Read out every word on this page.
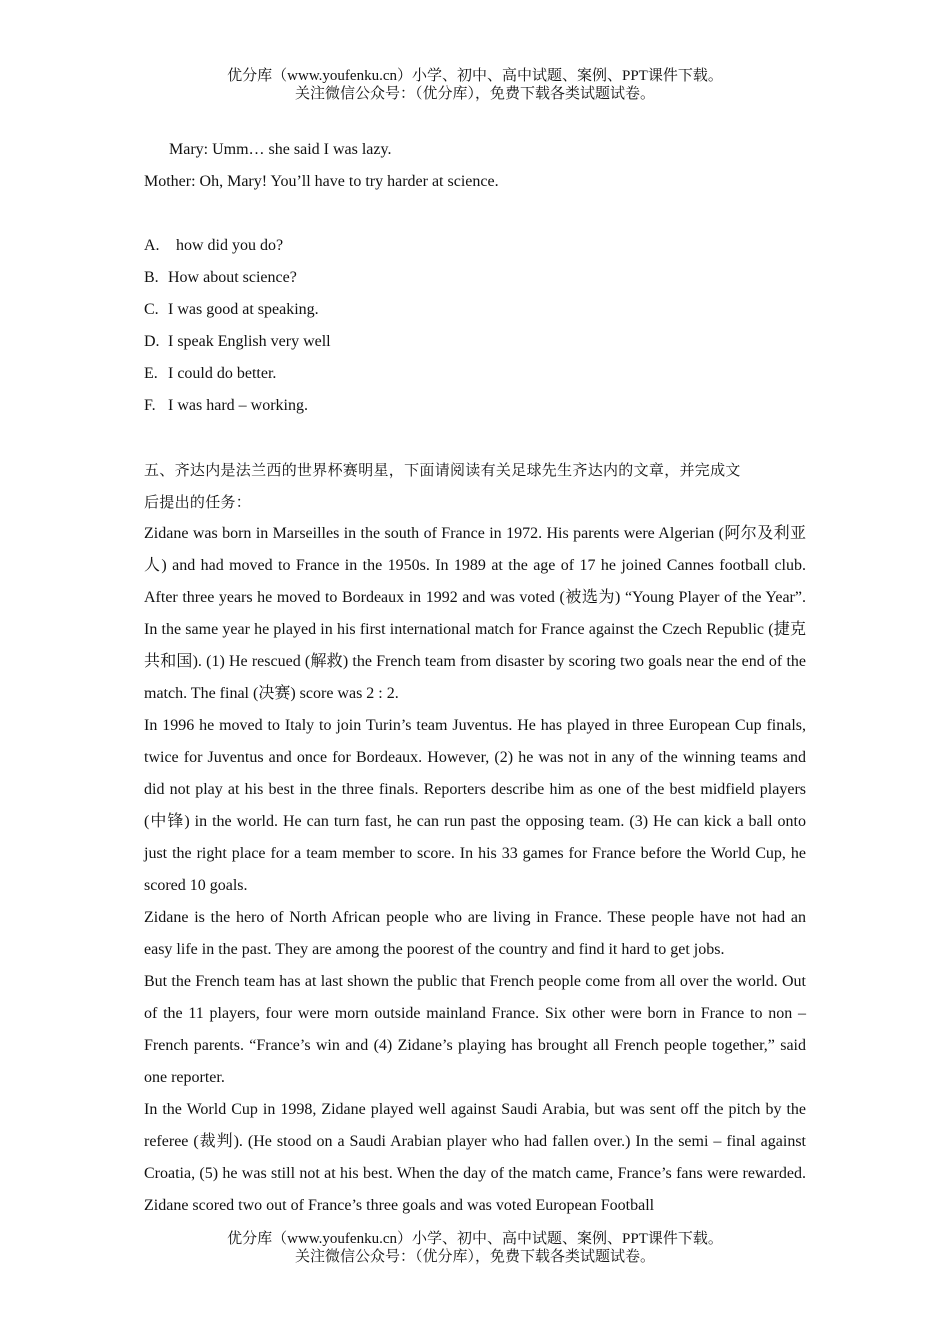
优分库（www.youfenku.cn）小学、初中、高中试题、案例、PPT课件下载。
关注微信公众号：（优分库），免费下载各类试题试卷。
Mary: Umm… she said I was lazy.
Mother: Oh, Mary! You’ll have to try harder at science.
A.  how did you do?
B. How about science?
C. I was good at speaking.
D. I speak English very well
E. I could do better.
F. I was hard – working.
五、齐达内是法兰西的世界杯赛明星，下面请阅读有关足球先生齐达内的文章，并完成文
后提出的任务：
Zidane was born in Marseilles in the south of France in 1972. His parents were Algerian (阿尔及利亚人) and had moved to France in the 1950s. In 1989 at the age of 17 he joined Cannes football club. After three years he moved to Bordeaux in 1992 and was voted (被选为) “Young Player of the Year”. In the same year he played in his first international match for France against the Czech Republic (捷克共和国). (1) He rescued (解救) the French team from disaster by scoring two goals near the end of the match. The final (决赛) score was 2 : 2.
In 1996 he moved to Italy to join Turin’s team Juventus. He has played in three European Cup finals, twice for Juventus and once for Bordeaux. However, (2) he was not in any of the winning teams and did not play at his best in the three finals. Reporters describe him as one of the best midfield players (中锋) in the world. He can turn fast, he can run past the opposing team. (3) He can kick a ball onto just the right place for a team member to score. In his 33 games for France before the World Cup, he scored 10 goals.
Zidane is the hero of North African people who are living in France. These people have not had an easy life in the past. They are among the poorest of the country and find it hard to get jobs.
But the French team has at last shown the public that French people come from all over the world. Out of the 11 players, four were morn outside mainland France. Six other were born in France to non – French parents. “France’s win and (4) Zidane’s playing has brought all French people together,” said one reporter.
In the World Cup in 1998, Zidane played well against Saudi Arabia, but was sent off the pitch by the referee (裁判). (He stood on a Saudi Arabian player who had fallen over.) In the semi – final against Croatia, (5) he was still not at his best. When the day of the match came, France’s fans were rewarded. Zidane scored two out of France’s three goals and was voted European Football
优分库（www.youfenku.cn）小学、初中、高中试题、案例、PPT课件下载。
关注微信公众号：（优分库），免费下载各类试题试卷。
